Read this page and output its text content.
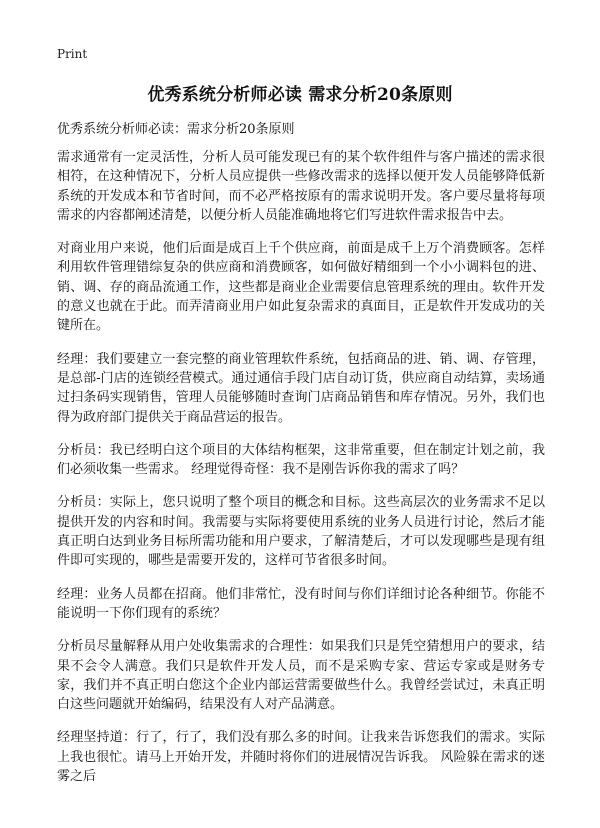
Print
优秀系统分析师必读 需求分析20条原则
优秀系统分析师必读：需求分析20条原则

需求通常有一定灵活性，分析人员可能发现已有的某个软件组件与客户描述的需求很相符，在这种情况下，分析人员应提供一些修改需求的选择以便开发人员能够降低新系统的开发成本和节省时间，而不必严格按原有的需求说明开发。客户要尽量将每项需求的内容都阐述清楚，以便分析人员能准确地将它们写进软件需求报告中去。

对商业用户来说，他们后面是成百上千个供应商，前面是成千上万个消费顾客。怎样利用软件管理错综复杂的供应商和消费顾客，如何做好精细到一个小小调料包的进、销、调、存的商品流通工作，这些都是商业企业需要信息管理系统的理由。软件开发的意义也就在于此。而弄清商业用户如此复杂需求的真面目，正是软件开发成功的关键所在。

经理：我们要建立一套完整的商业管理软件系统，包括商品的进、销、调、存管理，是总部-门店的连锁经营模式。通过通信手段门店自动订货，供应商自动结算，卖场通过扫条码实现销售，管理人员能够随时查询门店商品销售和库存情况。另外，我们也得为政府部门提供关于商品营运的报告。

分析员：我已经明白这个项目的大体结构框架，这非常重要，但在制定计划之前，我们必须收集一些需求。 经理觉得奇怪：我不是刚告诉你我的需求了吗？

分析员：实际上，您只说明了整个项目的概念和目标。这些高层次的业务需求不足以提供开发的内容和时间。我需要与实际将要使用系统的业务人员进行讨论，然后才能真正明白达到业务目标所需功能和用户要求，了解清楚后，才可以发现哪些是现有组件即可实现的，哪些是需要开发的，这样可节省很多时间。

经理：业务人员都在招商。他们非常忙，没有时间与你们详细讨论各种细节。你能不能说明一下你们现有的系统？

分析员尽量解释从用户处收集需求的合理性：如果我们只是凭空猜想用户的要求，结果不会令人满意。我们只是软件开发人员，而不是采购专家、营运专家或是财务专家，我们并不真正明白您这个企业内部运营需要做些什么。我曾经尝试过，未真正明白这些问题就开始编码，结果没有人对产品满意。

经理坚持道：行了，行了，我们没有那么多的时间。让我来告诉您我们的需求。实际上我也很忙。请马上开始开发，并随时将你们的进展情况告诉我。 风险躲在需求的迷雾之后
